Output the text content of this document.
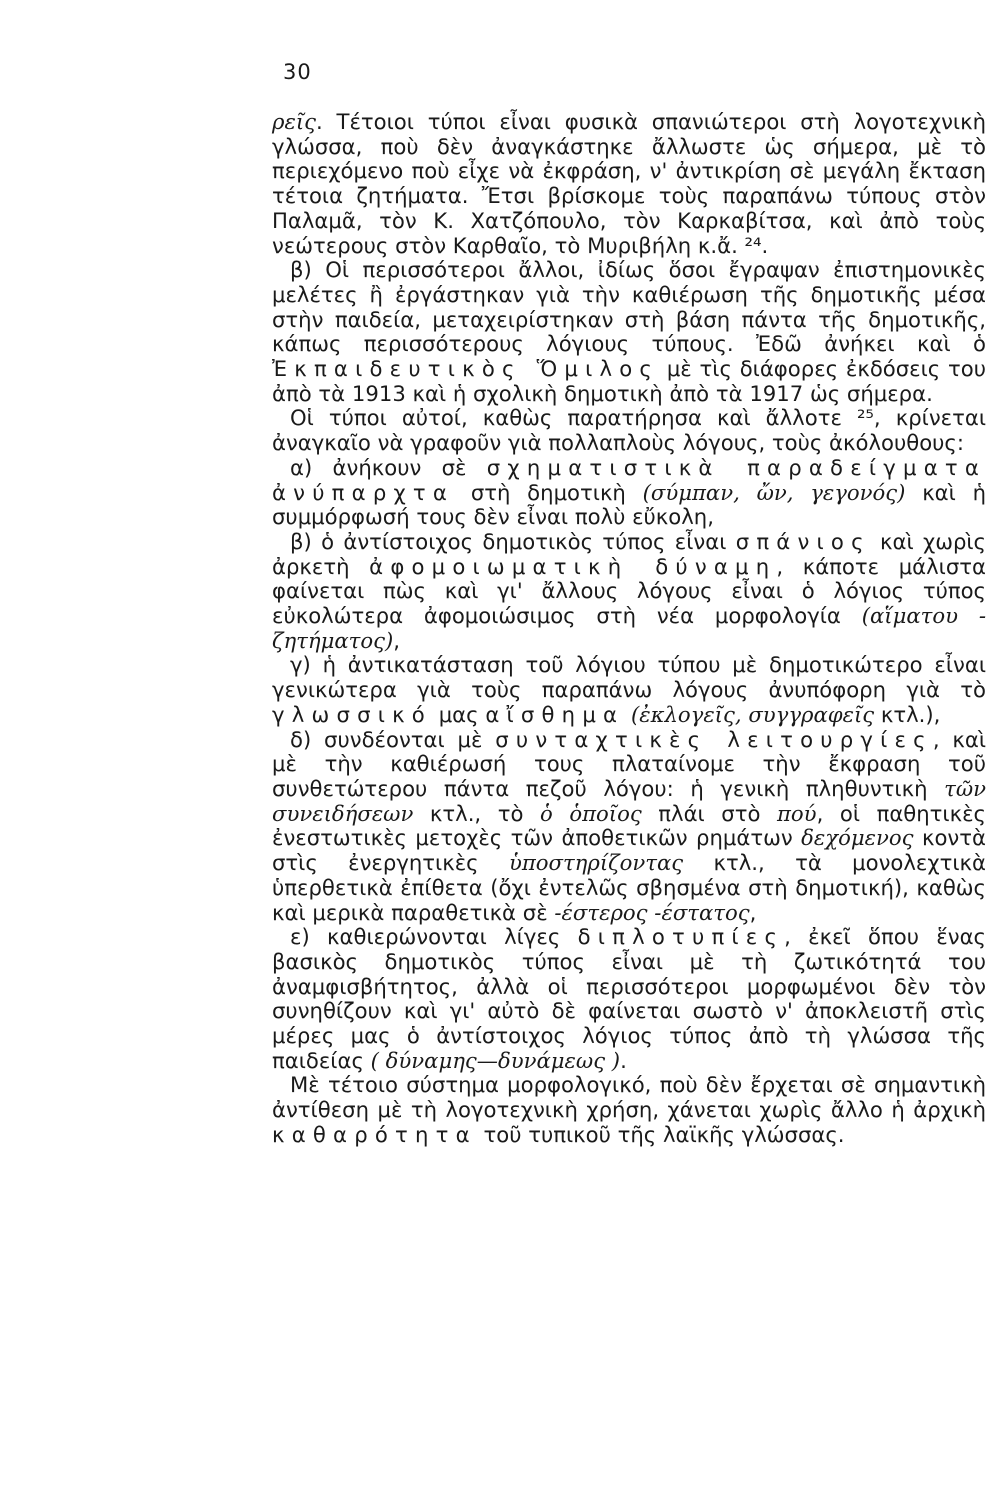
30

ρεῖς. Τέτοιοι τύποι εἶναι φυσικὰ σπανιώτεροι στὴ λογοτεχνικὴ γλώσσα, ποὺ δὲν ἀναγκάστηκε ἄλλωστε ὡς σήμερα, μὲ τὸ περιεχόμενο ποὺ εἶχε νὰ ἐκφράση, ν' ἀντικρίση σὲ μεγάλη ἔκταση τέτοια ζητήματα. Ἔτσι βρίσκομε τοὺς παραπάνω τύπους στὸν Παλαμᾶ, τὸν Κ. Χατζόπουλο, τὸν Καρκαβίτσα, καὶ ἀπὸ τοὺς νεώτερους στὸν Καρθαῖο, τὸ Μυριβήλη κ.ἄ. ²⁴.

β) Οἱ περισσότεροι ἄλλοι, ἰδίως ὅσοι ἔγραψαν ἐπιστημονικὲς μελέτες ἢ ἐργάστηκαν γιὰ τὴν καθιέρωση τῆς δημοτικῆς μέσα στὴν παιδεία, μεταχειρίστηκαν στὴ βάση πάντα τῆς δημοτικῆς, κάπως περισσότερους λόγιους τύπους. Ἐδῶ ἀνήκει καὶ ὁ Ἐκπαιδευτικὸς Ὅμιλος μὲ τὶς διάφορες ἐκδόσεις του ἀπὸ τὰ 1913 καὶ ἡ σχολικὴ δημοτικὴ ἀπὸ τὰ 1917 ὡς σήμερα.

Οἱ τύποι αὐτοί, καθὼς παρατήρησα καὶ ἄλλοτε ²⁵, κρίνεται ἀναγκαῖο νὰ γραφοῦν γιὰ πολλαπλοὺς λόγους, τοὺς ἀκόλουθους:

α) ἀνήκουν σὲ σχηματιστικὰ παραδείγματα ἀνύπαρχτα στὴ δημοτικὴ (σύμπαν, ὤν, γεγονός) καὶ ἡ συμμόρφωσή τους δὲν εἶναι πολὺ εὔκολη,

β) ὁ ἀντίστοιχος δημοτικὸς τύπος εἶναι σπάνιος καὶ χωρὶς ἀρκετὴ ἀφομοιωματικὴ δύναμη, κάποτε μάλιστα φαίνεται πὼς καὶ γι' ἄλλους λόγους εἶναι ὁ λόγιος τύπος εὐκολώτερα ἀφομοιώσιμος στὴ νέα μορφολογία (αἵματου - ζητήματος),

γ) ἡ ἀντικατάσταση τοῦ λόγιου τύπου μὲ δημοτικώτερο εἶναι γενικώτερα γιὰ τοὺς παραπάνω λόγους ἀνυπόφορη γιὰ τὸ γλωσσικό μας αἴσθημα (ἐκλογεῖς, συγγραφεῖς κτλ.),

δ) συνδέονται μὲ συνταχτικὲς λειτουργίες, καὶ μὲ τὴν καθιέρωσή τους πλαταίνομε τὴν ἔκφραση τοῦ συνθετώτερου πάντα πεζοῦ λόγου: ἡ γενικὴ πληθυντικὴ τῶν συνειδήσεων κτλ., τὸ ὁ ὁποῖος πλάι στὸ πού, οἱ παθητικὲς ἐνεστωτικὲς μετοχὲς τῶν ἀποθετικῶν ρημάτων δεχόμενος κοντὰ στὶς ἐνεργητικὲς ὑποστηρίζοντας κτλ., τὰ μονολεχτικὰ ὑπερθετικὰ ἐπίθετα (ὄχι ἐντελῶς σβησμένα στὴ δημοτική), καθὼς καὶ μερικὰ παραθετικὰ σὲ -έστερος -έστατος,

ε) καθιερώνονται λίγες διπλοτυπίες, ἐκεῖ ὅπου ἕνας βασικὸς δημοτικὸς τύπος εἶναι μὲ τὴ ζωτικότητά του ἀναμφισβήτητος, ἀλλὰ οἱ περισσότεροι μορφωμένοι δὲν τὸν συνηθίζουν καὶ γι' αὐτὸ δὲ φαίνεται σωστὸ ν' ἀποκλειστῆ στὶς μέρες μας ὁ ἀντίστοιχος λόγιος τύπος ἀπὸ τὴ γλώσσα τῆς παιδείας ( δύναμης—δυνάμεως ).

Μὲ τέτοιο σύστημα μορφολογικό, ποὺ δὲν ἔρχεται σὲ σημαντικὴ ἀντίθεση μὲ τὴ λογοτεχνικὴ χρήση, χάνεται χωρὶς ἄλλο ἡ ἀρχικὴ καθαρότητα τοῦ τυπικοῦ τῆς λαϊκῆς γλώσσας.
